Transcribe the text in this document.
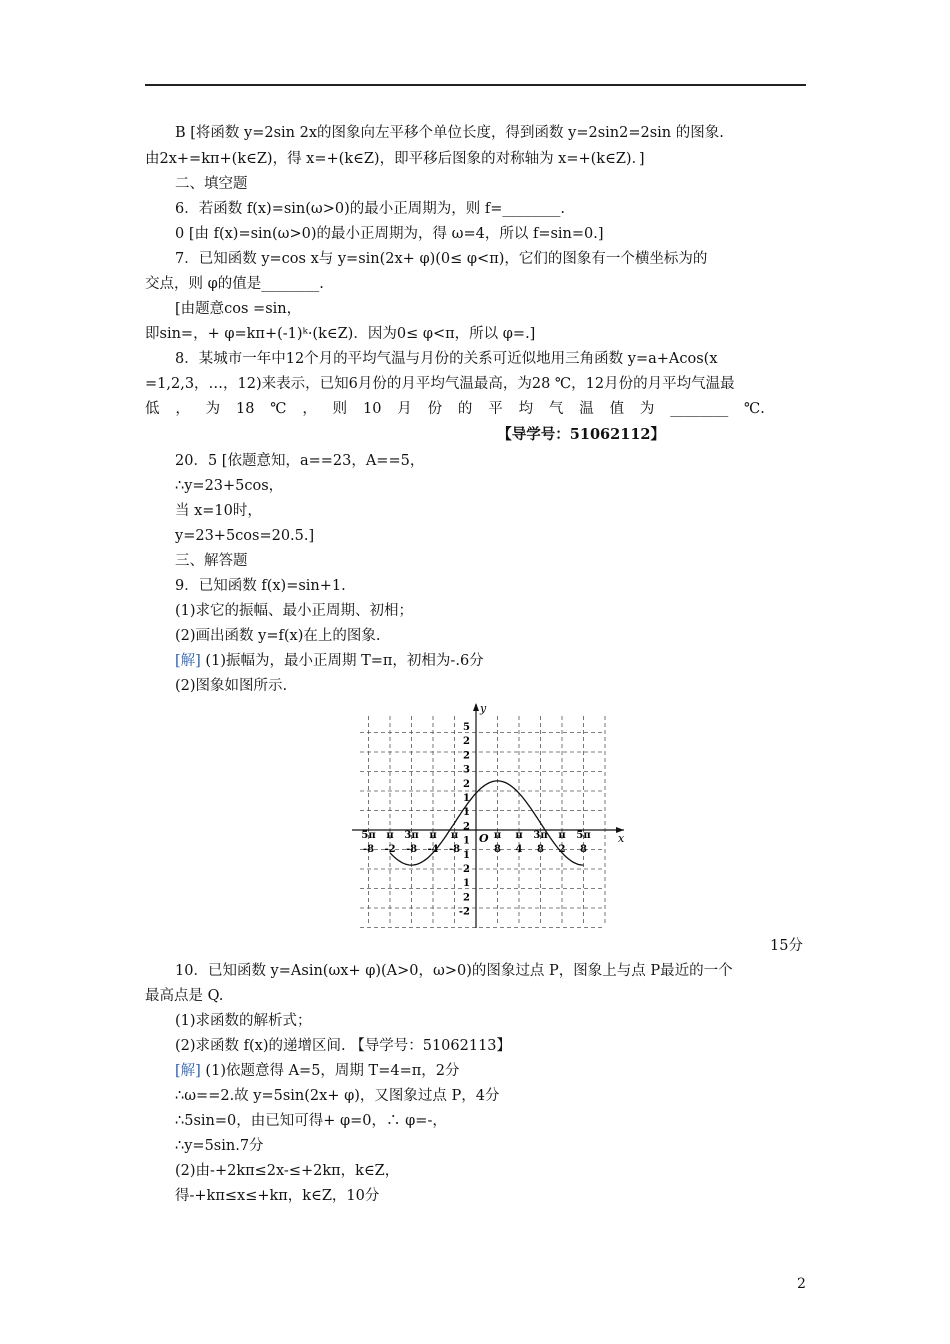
B [将函数 y=2sin 2x的图象向左平移个单位长度，得到函数 y=2sin2=2sin 的图象.
由2x+=kπ+(k∈Z)，得 x=+(k∈Z)，即平移后图象的对称轴为 x=+(k∈Z)．]
二、填空题
6．若函数 f(x)=sin(ω>0)的最小正周期为，则 f=________.
0 [由 f(x)=sin(ω>0)的最小正周期为，得 ω=4，所以 f=sin=0.]
7．已知函数 y=cos x与 y=sin(2x+ φ)(0≤ φ<π)，它们的图象有一个横坐标为的
交点，则 φ的值是________.
[由题意cos =sin，
即sin=，+ φ=kπ+(-1)ᵏ·(k∈Z)．因为0≤ φ<π，所以 φ=.]
8．某城市一年中12个月的平均气温与月份的关系可近似地用三角函数 y=a+Acos(x
=1,2,3，…，12)来表示，已知6月份的月平均气温最高，为28 ℃，12月份的月平均气温最
20．5 [依题意知，a==23，A==5，
∴y=23+5cos，
当 x=10时，
y=23+5cos=20.5.]
三、解答题
9．已知函数 f(x)=sin+1.
(1)求它的振幅、最小正周期、初相；
(2)画出函数 y=f(x)在上的图象.
(2)图象如图所示.
10．已知函数 y=Asin(ωx+ φ)(A>0，ω>0)的图象过点 P，图象上与点 P最近的一个
最高点是 Q.
(1)求函数的解析式；
(2)求函数 f(x)的递增区间. 【导学号：51062113】
∴ω==2.故 y=5sin(2x+ φ)，又图象过点 P，4分
∴5sin=0，由已知可得+ φ=0，∴ φ=-，
∴y=5sin.7分
(2)由-+2kπ≤2x-≤+2kπ，k∈Z，
得-+kπ≤x≤+kπ，k∈Z，10分
低 ， 为 18 ℃ ， 则 10 月 份 的 平 均 气 温 值 为 ________ ℃.
【导学号：51062112】
[解] (1)振幅为，最小正周期 T=π，初相为-.6分
[解] (1)依题意得 A=5，周期 T=4=π，2分
x
y
O
5π
-8
π
-2
3π
-8
π
-4
π
-8
π
8
π
4
3π
8
π
2
5π
8
5
2
2
3
2
1
1
2
1
1
2
1
2
-2
15分
2
